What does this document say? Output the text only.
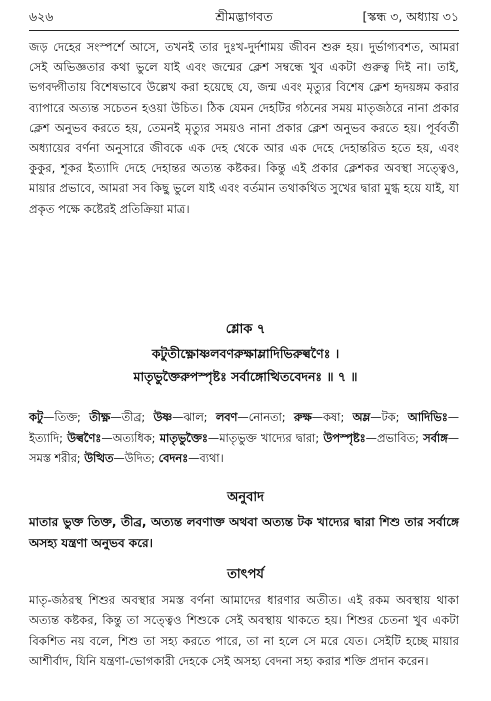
৬২৬	শ্রীমদ্ভাগবত	[স্কন্ধ ৩, অধ্যায় ৩১
জড় দেহের সংস্পর্শে আসে, তখনই তার দুঃখ-দুর্দশাময় জীবন শুরু হয়। দুর্ভাগ্যবশত, আমরা সেই অভিজ্ঞতার কথা ভুলে যাই এবং জন্মের ক্লেশ সম্বন্ধে খুব একটা গুরুত্ব দিই না। তাই, ভগবদ্গীতায় বিশেষভাবে উল্লেখ করা হয়েছে যে, জন্ম এবং মৃত্যুর বিশেষ ক্লেশ হৃদয়ঙ্গম করার ব্যাপারে অত্যন্ত সচেতন হওয়া উচিত। ঠিক যেমন দেহটির গঠনের সময় মাতৃজঠরে নানা প্রকার ক্লেশ অনুভব করতে হয়, তেমনই মৃত্যুর সময়ও নানা প্রকার ক্লেশ অনুভব করতে হয়। পূর্ববর্তী অধ্যায়ের বর্ণনা অনুসারে জীবকে এক দেহ থেকে আর এক দেহে দেহান্তরিত হতে হয়, এবং কুকুর, শূকর ইত্যাদি দেহে দেহান্তর অত্যন্ত কষ্টকর। কিন্তু এই প্রকার ক্লেশকর অবস্থা সত্ত্বেও, মায়ার প্রভাবে, আমরা সব কিছু ভুলে যাই এবং বর্তমান তথাকথিত সুখের দ্বারা মুগ্ধ হয়ে যাই, যা প্রকৃত পক্ষে কষ্টেরই প্রতিক্রিয়া মাত্র।
শ্লোক ৭
কটুতীক্ষ্ণোষ্ণলবণরুক্ষাম্লাদিভিরুল্বণৈঃ ।
মাতৃভুক্তৈরুপস্পৃষ্টঃ সর্বাঙ্গোত্থিতবেদনঃ ॥ ৭ ॥
কটু—তিক্ত; তীক্ষ্ণ—তীব্র; উষ্ণ—ঝাল; লবণ—নোনতা; রুক্ষ—কষা; অম্ল—টক; আদিভিঃ—ইত্যাদি; উল্বণৈঃ—অত্যধিক; মাতৃভুক্তৈঃ—মাতৃভুক্ত খাদ্যের দ্বারা; উপস্পৃষ্টঃ—প্রভাবিত; সর্বাঙ্গ—সমস্ত শরীর; উত্থিত—উদিত; বেদনঃ—ব্যথা।
অনুবাদ
মাতার ভুক্ত তিক্ত, তীব্র, অত্যন্ত লবণাক্ত অথবা অত্যন্ত টক খাদ্যের দ্বারা শিশু তার সর্বাঙ্গে অসহ্য যন্ত্রণা অনুভব করে।
তাৎপর্য
মাতৃ-জঠরস্থ শিশুর অবস্থার সমস্ত বর্ণনা আমাদের ধারণার অতীত। এই রকম অবস্থায় থাকা অত্যন্ত কষ্টকর, কিন্তু তা সত্ত্বেও শিশুকে সেই অবস্থায় থাকতে হয়। শিশুর চেতনা খুব একটা বিকশিত নয় বলে, শিশু তা সহ্য করতে পারে, তা না হলে সে মরে যেত। সেইটি হচ্ছে মায়ার আশীর্বাদ, যিনি যন্ত্রণা-ভোগকারী দেহকে সেই অসহ্য বেদনা সহ্য করার শক্তি প্রদান করেন।
